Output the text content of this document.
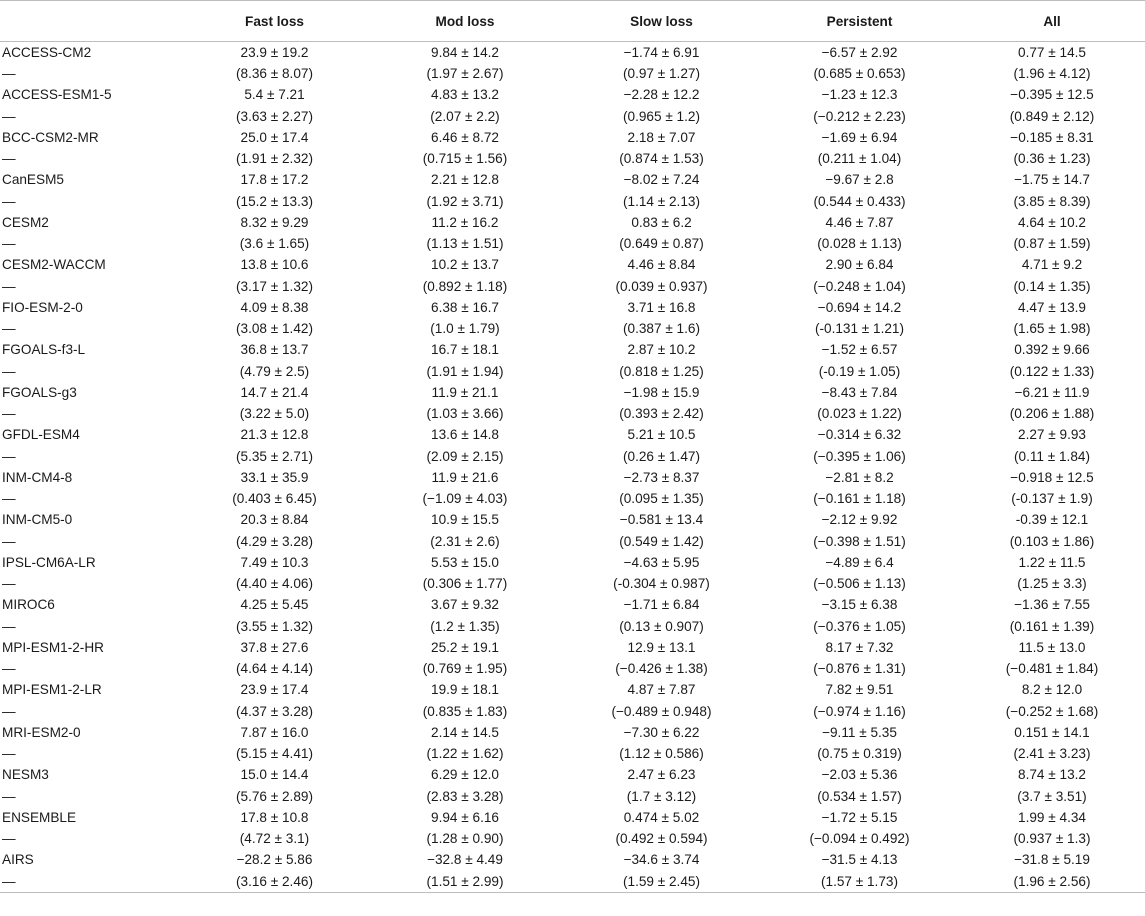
	Fast loss	Mod loss	Slow loss	Persistent	All
ACCESS-CM2	23.9 ± 19.2	9.84 ± 14.2	−1.74 ± 6.91	−6.57 ± 2.92	0.77 ± 14.5
—	(8.36 ± 8.07)	(1.97 ± 2.67)	(0.97 ± 1.27)	(0.685 ± 0.653)	(1.96 ± 4.12)
ACCESS-ESM1-5	5.4 ± 7.21	4.83 ± 13.2	−2.28 ± 12.2	−1.23 ± 12.3	−0.395 ± 12.5
—	(3.63 ± 2.27)	(2.07 ± 2.2)	(0.965 ± 1.2)	(−0.212 ± 2.23)	(0.849 ± 2.12)
BCC-CSM2-MR	25.0 ± 17.4	6.46 ± 8.72	2.18 ± 7.07	−1.69 ± 6.94	−0.185 ± 8.31
—	(1.91 ± 2.32)	(0.715 ± 1.56)	(0.874 ± 1.53)	(0.211 ± 1.04)	(0.36 ± 1.23)
CanESM5	17.8 ± 17.2	2.21 ± 12.8	−8.02 ± 7.24	−9.67 ± 2.8	−1.75 ± 14.7
—	(15.2 ± 13.3)	(1.92 ± 3.71)	(1.14 ± 2.13)	(0.544 ± 0.433)	(3.85 ± 8.39)
CESM2	8.32 ± 9.29	11.2 ± 16.2	0.83 ± 6.2	4.46 ± 7.87	4.64 ± 10.2
—	(3.6 ± 1.65)	(1.13 ± 1.51)	(0.649 ± 0.87)	(0.028 ± 1.13)	(0.87 ± 1.59)
CESM2-WACCM	13.8 ± 10.6	10.2 ± 13.7	4.46 ± 8.84	2.90 ± 6.84	4.71 ± 9.2
—	(3.17 ± 1.32)	(0.892 ± 1.18)	(0.039 ± 0.937)	(−0.248 ± 1.04)	(0.14 ± 1.35)
FIO-ESM-2-0	4.09 ± 8.38	6.38 ± 16.7	3.71 ± 16.8	−0.694 ± 14.2	4.47 ± 13.9
—	(3.08 ± 1.42)	(1.0 ± 1.79)	(0.387 ± 1.6)	(-0.131 ± 1.21)	(1.65 ± 1.98)
FGOALS-f3-L	36.8 ± 13.7	16.7 ± 18.1	2.87 ± 10.2	−1.52 ± 6.57	0.392 ± 9.66
—	(4.79 ± 2.5)	(1.91 ± 1.94)	(0.818 ± 1.25)	(-0.19 ± 1.05)	(0.122 ± 1.33)
FGOALS-g3	14.7 ± 21.4	11.9 ± 21.1	−1.98 ± 15.9	−8.43 ± 7.84	−6.21 ± 11.9
—	(3.22 ± 5.0)	(1.03 ± 3.66)	(0.393 ± 2.42)	(0.023 ± 1.22)	(0.206 ± 1.88)
GFDL-ESM4	21.3 ± 12.8	13.6 ± 14.8	5.21 ± 10.5	−0.314 ± 6.32	2.27 ± 9.93
—	(5.35 ± 2.71)	(2.09 ± 2.15)	(0.26 ± 1.47)	(−0.395 ± 1.06)	(0.11 ± 1.84)
INM-CM4-8	33.1 ± 35.9	11.9 ± 21.6	−2.73 ± 8.37	−2.81 ± 8.2	−0.918 ± 12.5
—	(0.403 ± 6.45)	(−1.09 ± 4.03)	(0.095 ± 1.35)	(−0.161 ± 1.18)	(-0.137 ± 1.9)
INM-CM5-0	20.3 ± 8.84	10.9 ± 15.5	−0.581 ± 13.4	−2.12 ± 9.92	-0.39 ± 12.1
—	(4.29 ± 3.28)	(2.31 ± 2.6)	(0.549 ± 1.42)	(−0.398 ± 1.51)	(0.103 ± 1.86)
IPSL-CM6A-LR	7.49 ± 10.3	5.53 ± 15.0	−4.63 ± 5.95	−4.89 ± 6.4	1.22 ± 11.5
—	(4.40 ± 4.06)	(0.306 ± 1.77)	(-0.304 ± 0.987)	(−0.506 ± 1.13)	(1.25 ± 3.3)
MIROC6	4.25 ± 5.45	3.67 ± 9.32	−1.71 ± 6.84	−3.15 ± 6.38	−1.36 ± 7.55
—	(3.55 ± 1.32)	(1.2 ± 1.35)	(0.13 ± 0.907)	(−0.376 ± 1.05)	(0.161 ± 1.39)
MPI-ESM1-2-HR	37.8 ± 27.6	25.2 ± 19.1	12.9 ± 13.1	8.17 ± 7.32	11.5 ± 13.0
—	(4.64 ± 4.14)	(0.769 ± 1.95)	(−0.426 ± 1.38)	(−0.876 ± 1.31)	(−0.481 ± 1.84)
MPI-ESM1-2-LR	23.9 ± 17.4	19.9 ± 18.1	4.87 ± 7.87	7.82 ± 9.51	8.2 ± 12.0
—	(4.37 ± 3.28)	(0.835 ± 1.83)	(−0.489 ± 0.948)	(−0.974 ± 1.16)	(−0.252 ± 1.68)
MRI-ESM2-0	7.87 ± 16.0	2.14 ± 14.5	−7.30 ± 6.22	−9.11 ± 5.35	0.151 ± 14.1
—	(5.15 ± 4.41)	(1.22 ± 1.62)	(1.12 ± 0.586)	(0.75 ± 0.319)	(2.41 ± 3.23)
NESM3	15.0 ± 14.4	6.29 ± 12.0	2.47 ± 6.23	−2.03 ± 5.36	8.74 ± 13.2
—	(5.76 ± 2.89)	(2.83 ± 3.28)	(1.7 ± 3.12)	(0.534 ± 1.57)	(3.7 ± 3.51)
ENSEMBLE	17.8 ± 10.8	9.94 ± 6.16	0.474 ± 5.02	−1.72 ± 5.15	1.99 ± 4.34
—	(4.72 ± 3.1)	(1.28 ± 0.90)	(0.492 ± 0.594)	(−0.094 ± 0.492)	(0.937 ± 1.3)
AIRS	−28.2 ± 5.86	−32.8 ± 4.49	−34.6 ± 3.74	−31.5 ± 4.13	−31.8 ± 5.19
—	(3.16 ± 2.46)	(1.51 ± 2.99)	(1.59 ± 2.45)	(1.57 ± 1.73)	(1.96 ± 2.56)
